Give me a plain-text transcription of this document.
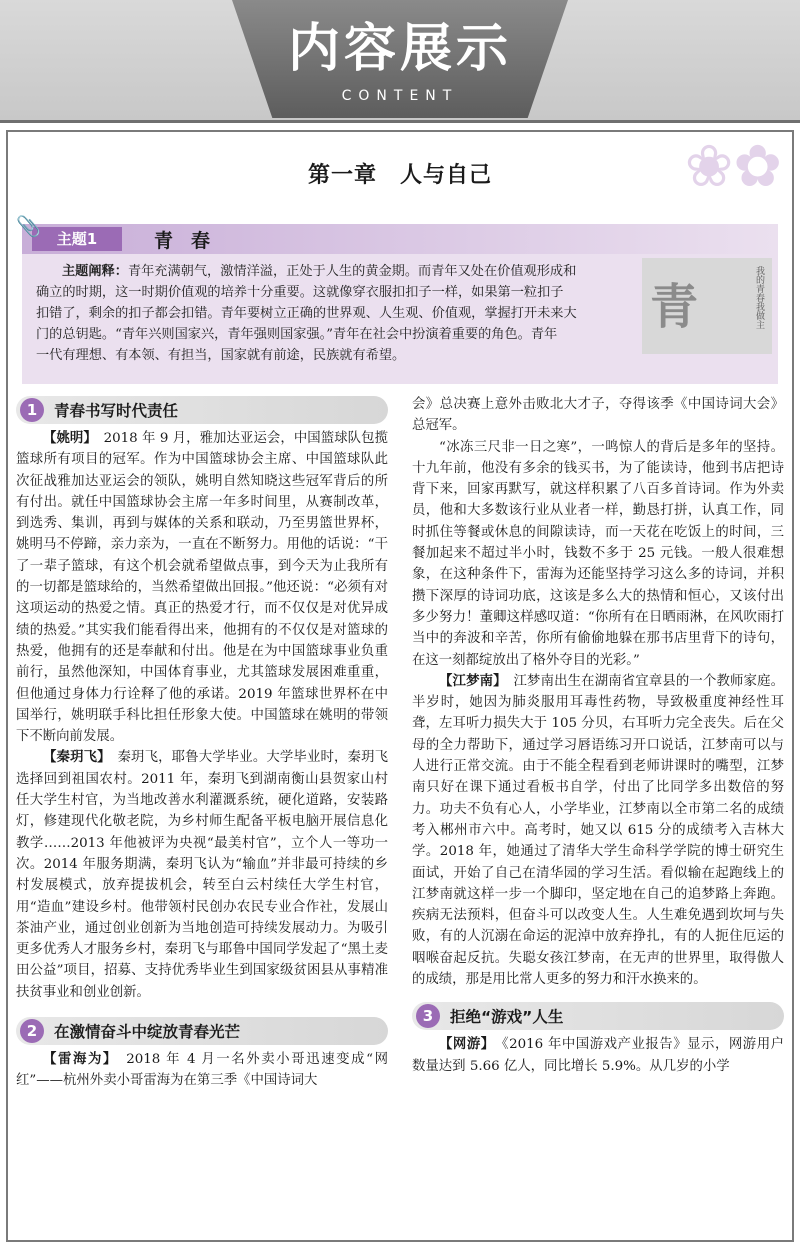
内容展示
CONTENT
❀✿
第一章　人与自己
主题1	青春
📎
主题阐释：青年充满朝气，激情洋溢，正处于人生的黄金期。而青年又处在价值观形成和
确立的时期，这一时期价值观的培养十分重要。这就像穿衣服扣扣子一样，如果第一粒扣子
扣错了，剩余的扣子都会扣错。青年要树立正确的世界观、人生观、价值观，掌握打开未来大
门的总钥匙。“青年兴则国家兴，青年强则国家强。”青年在社会中扮演着重要的角色。青年
一代有理想、有本领、有担当，国家就有前途，民族就有希望。
青	我的青春我做主
1	青春书写时代责任

【姚明】　 2018 年 9 月，雅加达亚运会，中国篮球队包揽篮球所有项目的冠军。作为中国篮球协会主席、中国篮球队此次征战雅加达亚运会的领队，姚明自然知晓这些冠军背后的所有付出。就任中国篮球协会主席一年多时间里，从赛制改革，到选秀、集训，再到与媒体的关系和联动，乃至男篮世界杯，姚明马不停蹄，亲力亲为，一直在不断努力。用他的话说：“干了一辈子篮球，有这个机会就希望做点事，到今天为止我所有的一切都是篮球给的，当然希望做出回报。”他还说：“必须有对这项运动的热爱之情。真正的热爱才行，而不仅仅是对优异成绩的热爱。”其实我们能看得出来，他拥有的不仅仅是对篮球的热爱，他拥有的还是奉献和付出。他是在为中国篮球事业负重前行，虽然他深知，中国体育事业，尤其篮球发展困难重重，但他通过身体力行诠释了他的承诺。2019 年篮球世界杯在中国举行，姚明联手科比担任形象大使。中国篮球在姚明的带领下不断向前发展。

【秦玥飞】　 秦玥飞，耶鲁大学毕业。大学毕业时，秦玥飞选择回到祖国农村。2011 年，秦玥飞到湖南衡山县贺家山村任大学生村官，为当地改善水利灌溉系统，硬化道路，安装路灯，修建现代化敬老院，为乡村师生配备平板电脑开展信息化教学……2013 年他被评为央视“最美村官”，立个人一等功一次。2014 年服务期满，秦玥飞认为“输血”并非最可持续的乡村发展模式，放弃提拔机会，转至白云村续任大学生村官，用“造血”建设乡村。他带领村民创办农民专业合作社，发展山茶油产业，通过创业创新为当地创造可持续发展动力。为吸引更多优秀人才服务乡村，秦玥飞与耶鲁中国同学发起了“黑土麦田公益”项目，招募、支持优秀毕业生到国家级贫困县从事精准扶贫事业和创业创新。

2	在激情奋斗中绽放青春光芒

【雷海为】　 2018 年 4 月一名外卖小哥迅速变成“网红”——杭州外卖小哥雷海为在第三季《中国诗词大

会》总决赛上意外击败北大才子，夺得该季《中国诗词大会》总冠军。

“冰冻三尺非一日之寒”，一鸣惊人的背后是多年的坚持。十九年前，他没有多余的钱买书，为了能读诗，他到书店把诗背下来，回家再默写，就这样积累了八百多首诗词。作为外卖员，他和大多数该行业从业者一样，勤恳打拼，认真工作，同时抓住等餐或休息的间隙读诗，而一天花在吃饭上的时间，三餐加起来不超过半小时，钱数不多于 25 元钱。一般人很难想象，在这种条件下，雷海为还能坚持学习这么多的诗词，并积攒下深厚的诗词功底，这该是多么大的热情和恒心，又该付出多少努力！董卿这样感叹道：“你所有在日晒雨淋，在风吹雨打当中的奔波和辛苦，你所有偷偷地躲在那书店里背下的诗句，在这一刻都绽放出了格外夺目的光彩。”

【江梦南】　 江梦南出生在湖南省宜章县的一个教师家庭。半岁时，她因为肺炎服用耳毒性药物，导致极重度神经性耳聋，左耳听力损失大于 105 分贝，右耳听力完全丧失。后在父母的全力帮助下，通过学习唇语练习开口说话，江梦南可以与人进行正常交流。由于不能全程看到老师讲课时的嘴型，江梦南只好在课下通过看板书自学，付出了比同学多出数倍的努力。功夫不负有心人，小学毕业，江梦南以全市第二名的成绩考入郴州市六中。高考时，她又以 615 分的成绩考入吉林大学。2018 年，她通过了清华大学生命科学学院的博士研究生面试，开始了自己在清华园的学习生活。看似输在起跑线上的江梦南就这样一步一个脚印，坚定地在自己的追梦路上奔跑。疾病无法预料，但奋斗可以改变人生。人生难免遇到坎坷与失败，有的人沉溺在命运的泥淖中放弃挣扎，有的人扼住厄运的咽喉奋起反抗。失聪女孩江梦南，在无声的世界里，取得傲人的成绩，那是用比常人更多的努力和汗水换来的。

3	拒绝“游戏”人生

【网游】　 《2016 年中国游戏产业报告》显示，网游用户数量达到 5.66 亿人，同比增长 5.9%。从几岁的小学
